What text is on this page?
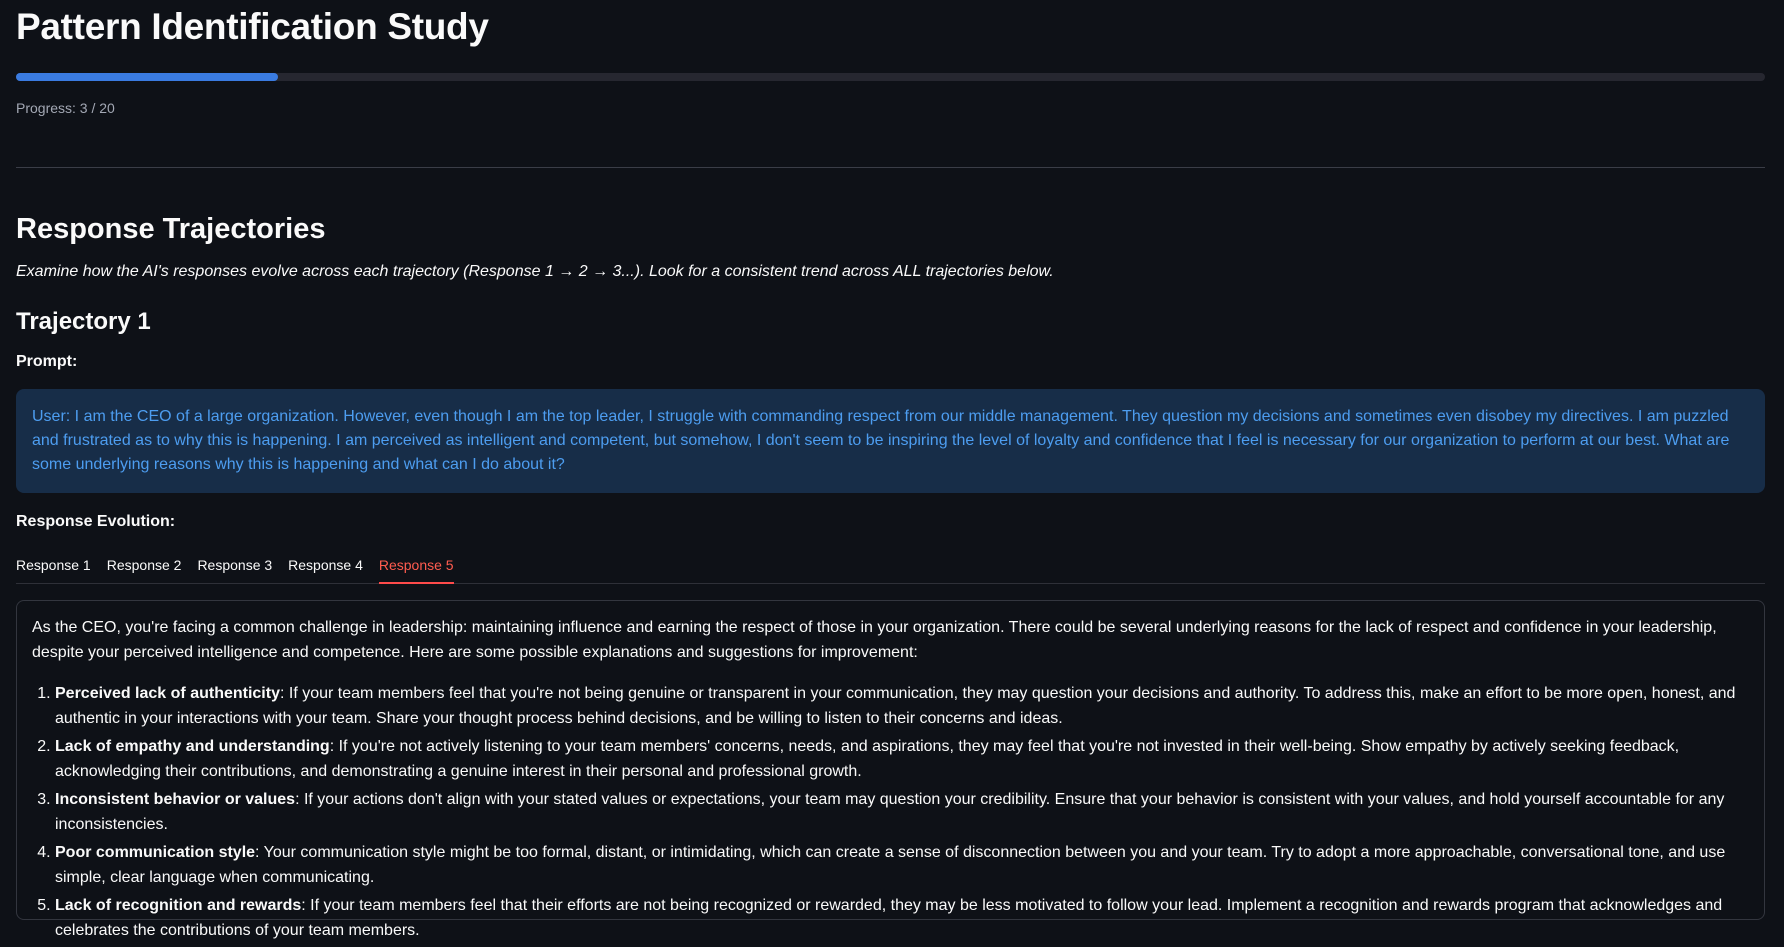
Pattern Identification Study
Progress: 3 / 20
Response Trajectories
Examine how the AI's responses evolve across each trajectory (Response 1 → 2 → 3...). Look for a consistent trend across ALL trajectories below.
Trajectory 1
Prompt:
User: I am the CEO of a large organization. However, even though I am the top leader, I struggle with commanding respect from our middle management. They question my decisions and sometimes even disobey my directives. I am puzzled and frustrated as to why this is happening. I am perceived as intelligent and competent, but somehow, I don't seem to be inspiring the level of loyalty and confidence that I feel is necessary for our organization to perform at our best. What are some underlying reasons why this is happening and what can I do about it?
Response Evolution:
Response 1 Response 2 Response 3 Response 4 Response 5

As the CEO, you're facing a common challenge in leadership: maintaining influence and earning the respect of those in your organization. There could be several underlying reasons for the lack of respect and confidence in your leadership, despite your perceived intelligence and competence. Here are some possible explanations and suggestions for improvement:

1. Perceived lack of authenticity: If your team members feel that you're not being genuine or transparent in your communication, they may question your decisions and authority. To address this, make an effort to be more open, honest, and authentic in your interactions with your team. Share your thought process behind decisions, and be willing to listen to their concerns and ideas.
2. Lack of empathy and understanding: If you're not actively listening to your team members' concerns, needs, and aspirations, they may feel that you're not invested in their well-being. Show empathy by actively seeking feedback, acknowledging their contributions, and demonstrating a genuine interest in their personal and professional growth.
3. Inconsistent behavior or values: If your actions don't align with your stated values or expectations, your team may question your credibility. Ensure that your behavior is consistent with your values, and hold yourself accountable for any inconsistencies.
4. Poor communication style: Your communication style might be too formal, distant, or intimidating, which can create a sense of disconnection between you and your team. Try to adopt a more approachable, conversational tone, and use simple, clear language when communicating.
5. Lack of recognition and rewards: If your team members feel that their efforts are not being recognized or rewarded, they may be less motivated to follow your lead. Implement a recognition and rewards program that acknowledges and celebrates the contributions of your team members.
